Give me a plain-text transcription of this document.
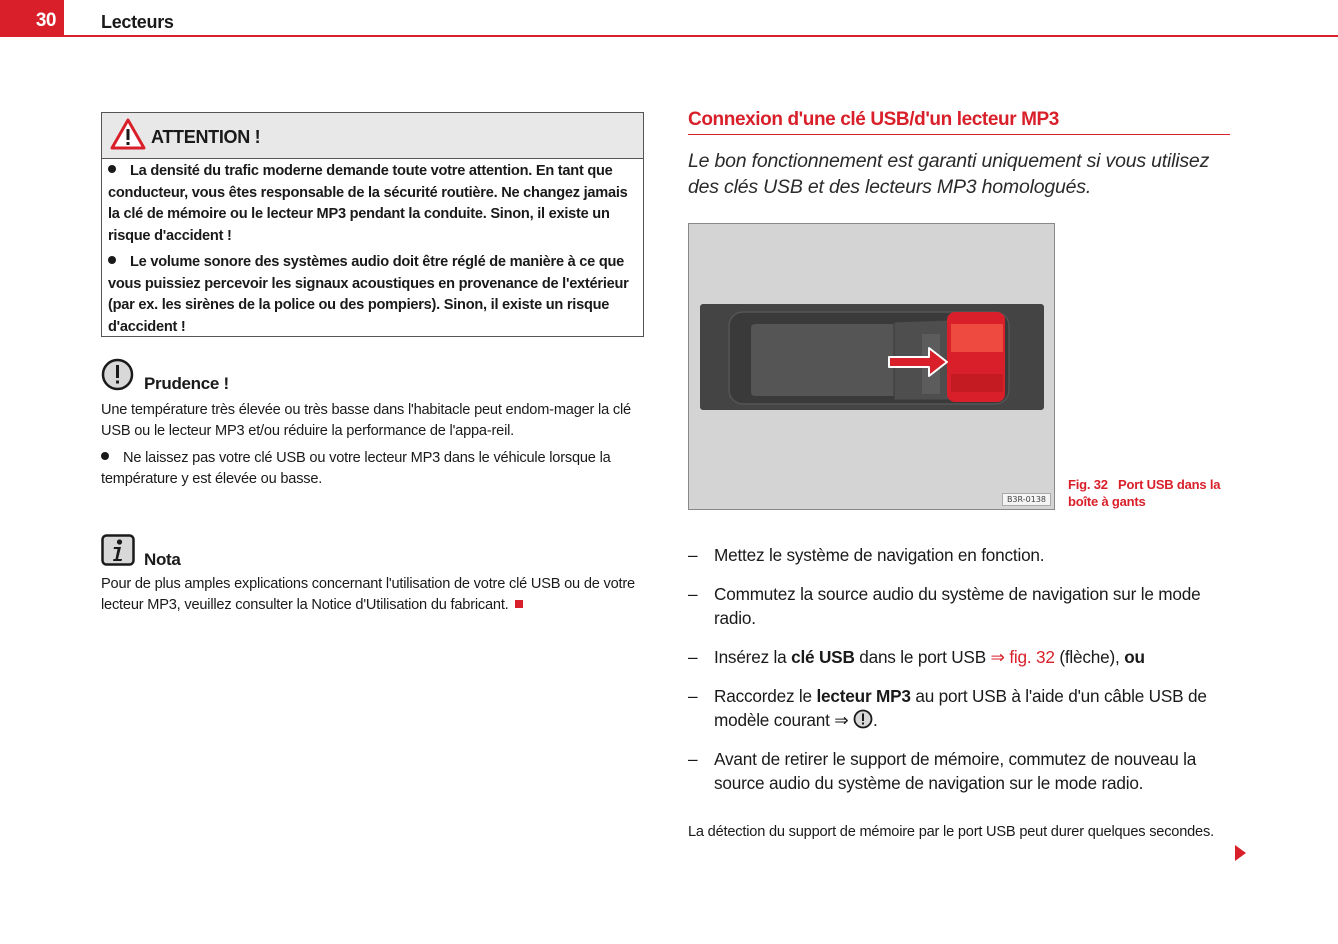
30	Lecteurs
ATTENTION !

La densité du trafic moderne demande toute votre attention. En tant que conducteur, vous êtes responsable de la sécurité routière. Ne changez jamais la clé de mémoire ou le lecteur MP3 pendant la conduite. Sinon, il existe un risque d'accident !

Le volume sonore des systèmes audio doit être réglé de manière à ce que vous puissiez percevoir les signaux acoustiques en provenance de l'extérieur (par ex. les sirènes de la police ou des pompiers). Sinon, il existe un risque d'accident !

Prudence !

Une température très élevée ou très basse dans l'habitacle peut endom-mager la clé USB ou le lecteur MP3 et/ou réduire la performance de l'appa-reil.

Ne laissez pas votre clé USB ou votre lecteur MP3 dans le véhicule lorsque la température y est élevée ou basse.

Nota

Pour de plus amples explications concernant l'utilisation de votre clé USB ou de votre lecteur MP3, veuillez consulter la Notice d'Utilisation du fabricant.

Connexion d'une clé USB/d'un lecteur MP3

Le bon fonctionnement est garanti uniquement si vous utilisez des clés USB et des lecteurs MP3 homologués.

B3R-0138

Fig. 32 Port USB dans la boîte à gants

– Mettez le système de navigation en fonction.

– Commutez la source audio du système de navigation sur le mode radio.

– Insérez la clé USB dans le port USB ⇒ fig. 32 (flèche), ou

– Raccordez le lecteur MP3 au port USB à l'aide d'un câble USB de modèle courant ⇒ .

– Avant de retirer le support de mémoire, commutez de nouveau la source audio du système de navigation sur le mode radio.

La détection du support de mémoire par le port USB peut durer quelques secondes.
